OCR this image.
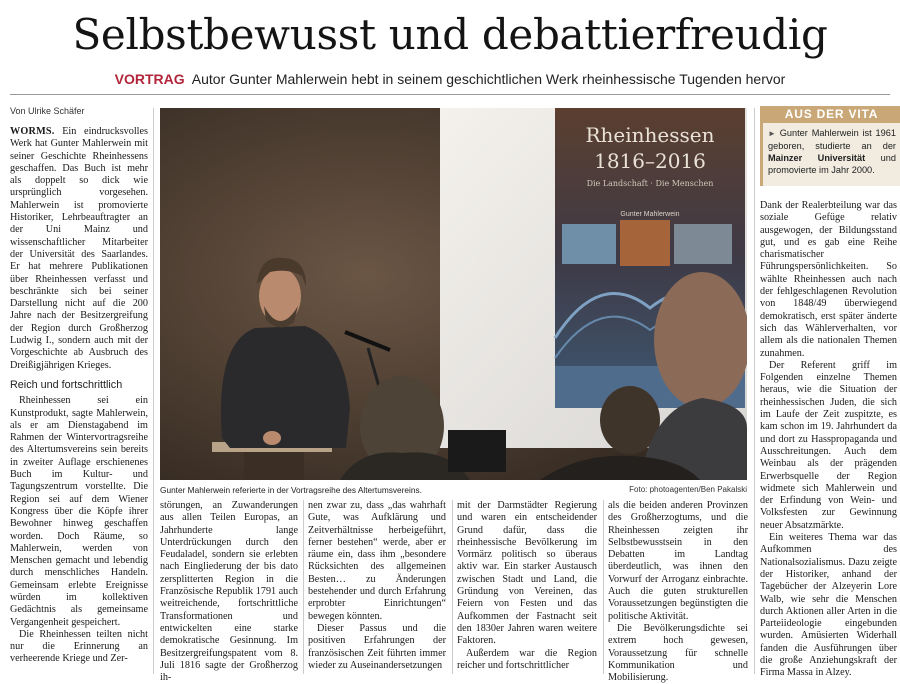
Selbstbewusst und debattierfreudig
VORTRAG Autor Gunter Mahlerwein hebt in seinem geschichtlichen Werk rheinhessische Tugenden hervor
Von Ulrike Schäfer

WORMS. Ein eindrucksvolles Werk hat Gunter Mahlerwein mit seiner Geschichte Rheinhessens geschaffen. Das Buch ist mehr als doppelt so dick wie ursprünglich vorgesehen. Mahlerwein ist promovierte Historiker, Lehrbeauftragter an der Uni Mainz und wissenschaftlicher Mitarbeiter der Universität des Saarlandes. Er hat mehrere Publikationen über Rheinhessen verfasst und beschränkte sich bei seiner Darstellung nicht auf die 200 Jahre nach der Besitzergreifung der Region durch Großherzog Ludwig I., sondern auch mit der Vorgeschichte ab Ausbruch des Dreißigjährigen Krieges.

Reich und fortschrittlich

Rheinhessen sei ein Kunstprodukt, sagte Mahlerwein, als er am Dienstagabend im Rahmen der Wintervortragsreihe des Altertumsvereins sein bereits in zweiter Auflage erschienenes Buch im Kultur- und Tagungszentrum vorstellte. Die Region sei auf dem Wiener Kongress über die Köpfe ihrer Bewohner hinweg geschaffen worden. Doch Räume, so Mahlerwein, werden von Menschen gemacht und lebendig durch menschliches Handeln. Gemeinsam erlebte Ereignisse würden im kollektiven Gedächtnis als gemeinsame Vergangenheit gespeichert.

Die Rheinhessen teilten nicht nur die Erinnerung an verheerende Kriege und Zer-

Rheinhessen
1816–2016
Die Landschaft · Die Menschen
Gunter Mahlerwein
Gunter Mahlerwein referierte in der Vortragsreihe des Altertumsvereins.	Foto: photoagenten/Ben Pakalski

störungen, an Zuwanderungen aus allen Teilen Europas, an Jahrhunderte lange Unterdrückungen durch den Feudaladel, sondern sie erlebten nach Eingliederung der bis dato zersplitterten Region in die Französische Republik 1791 auch weitreichende, fortschrittliche Transformationen und entwickelten eine starke demokratische Gesinnung. Im Besitzergreifungspatent vom 8. Juli 1816 sagte der Großherzog ih-

nen zwar zu, dass „das wahrhaft Gute, was Aufklärung und Zeitverhältnisse herbeigeführt, ferner bestehen“ werde, aber er räume ein, dass ihm „besondere Rücksichten des allgemeinen Besten… zu Änderungen bestehender und durch Erfahrung erprobter Einrichtungen“ bewegen könnten.

Dieser Passus und die positiven Erfahrungen der französischen Zeit führten immer wieder zu Auseinandersetzungen

mit der Darmstädter Regierung und waren ein entscheidender Grund dafür, dass die rheinhessische Bevölkerung im Vormärz politisch so überaus aktiv war. Ein starker Austausch zwischen Stadt und Land, die Gründung von Vereinen, das Feiern von Festen und das Aufkommen der Fastnacht seit den 1830er Jahren waren weitere Faktoren.

Außerdem war die Region reicher und fortschrittlicher

als die beiden anderen Provinzen des Großherzogtums, und die Rheinhessen zeigten ihr Selbstbewusstsein in den Debatten im Landtag überdeutlich, was ihnen den Vorwurf der Arroganz einbrachte. Auch die guten strukturellen Voraussetzungen begünstigten die politische Aktivität.

Die Bevölkerungsdichte sei extrem hoch gewesen, Voraussetzung für schnelle Kommunikation und Mobilisierung.

AUS DER VITA
► Gunter Mahlerwein ist 1961 geboren, studierte an der Mainzer Universität und promovierte im Jahr 2000.

Dank der Realerbteilung war das soziale Gefüge relativ ausgewogen, der Bildungsstand gut, und es gab eine Reihe charismatischer Führungspersönlichkeiten. So wählte Rheinhessen auch nach der fehlgeschlagenen Revolution von 1848/49 überwiegend demokratisch, erst später änderte sich das Wählerverhalten, vor allem als die nationalen Themen zunahmen.

Der Referent griff im Folgenden einzelne Themen heraus, wie die Situation der rheinhessischen Juden, die sich im Laufe der Zeit zuspitzte, es kam schon im 19. Jahrhundert da und dort zu Hasspropaganda und Ausschreitungen. Auch dem Weinbau als der prägenden Erwerbsquelle der Region widmete sich Mahlerwein und der Erfindung von Wein- und Volksfesten zur Gewinnung neuer Absatzmärkte.

Ein weiteres Thema war das Aufkommen des Nationalsozialismus. Dazu zeigte der Historiker, anhand der Tagebücher der Alzeyerin Lore Walb, wie sehr die Menschen durch Aktionen aller Arten in die Parteiideologie eingebunden wurden. Amüsierten Widerhall fanden die Ausführungen über die große Anziehungskraft der Firma Massa in Alzey.
